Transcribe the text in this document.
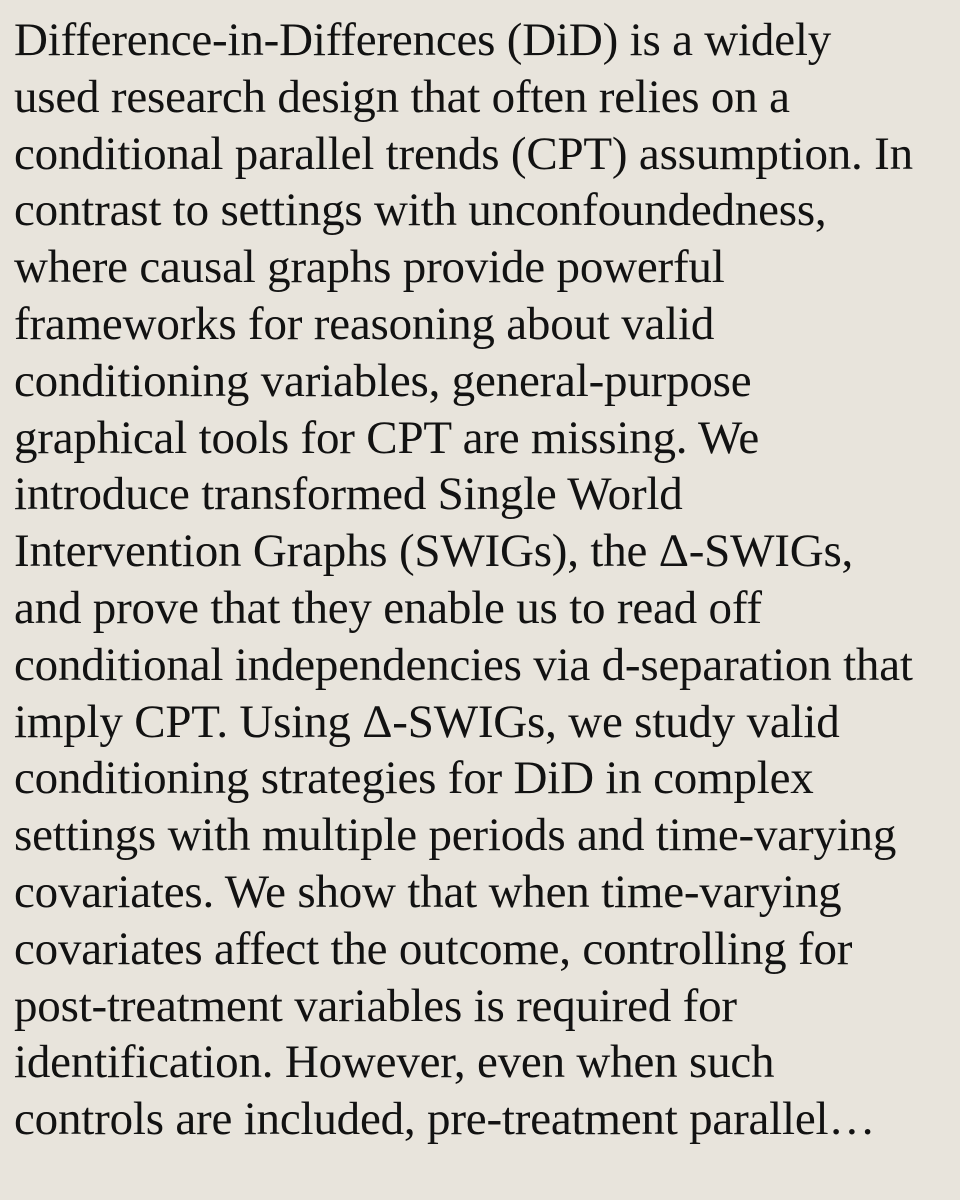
Difference-in-Differences (DiD) is a widely
used research design that often relies on a
conditional parallel trends (CPT) assumption. In
contrast to settings with unconfoundedness,
where causal graphs provide powerful
frameworks for reasoning about valid
conditioning variables, general-purpose
graphical tools for CPT are missing. We
introduce transformed Single World
Intervention Graphs (SWIGs), the Δ-SWIGs,
and prove that they enable us to read off
conditional independencies via d-separation that
imply CPT. Using Δ-SWIGs, we study valid
conditioning strategies for DiD in complex
settings with multiple periods and time-varying
covariates. We show that when time-varying
covariates affect the outcome, controlling for
post-treatment variables is required for
identification. However, even when such
controls are included, pre-treatment parallel…
